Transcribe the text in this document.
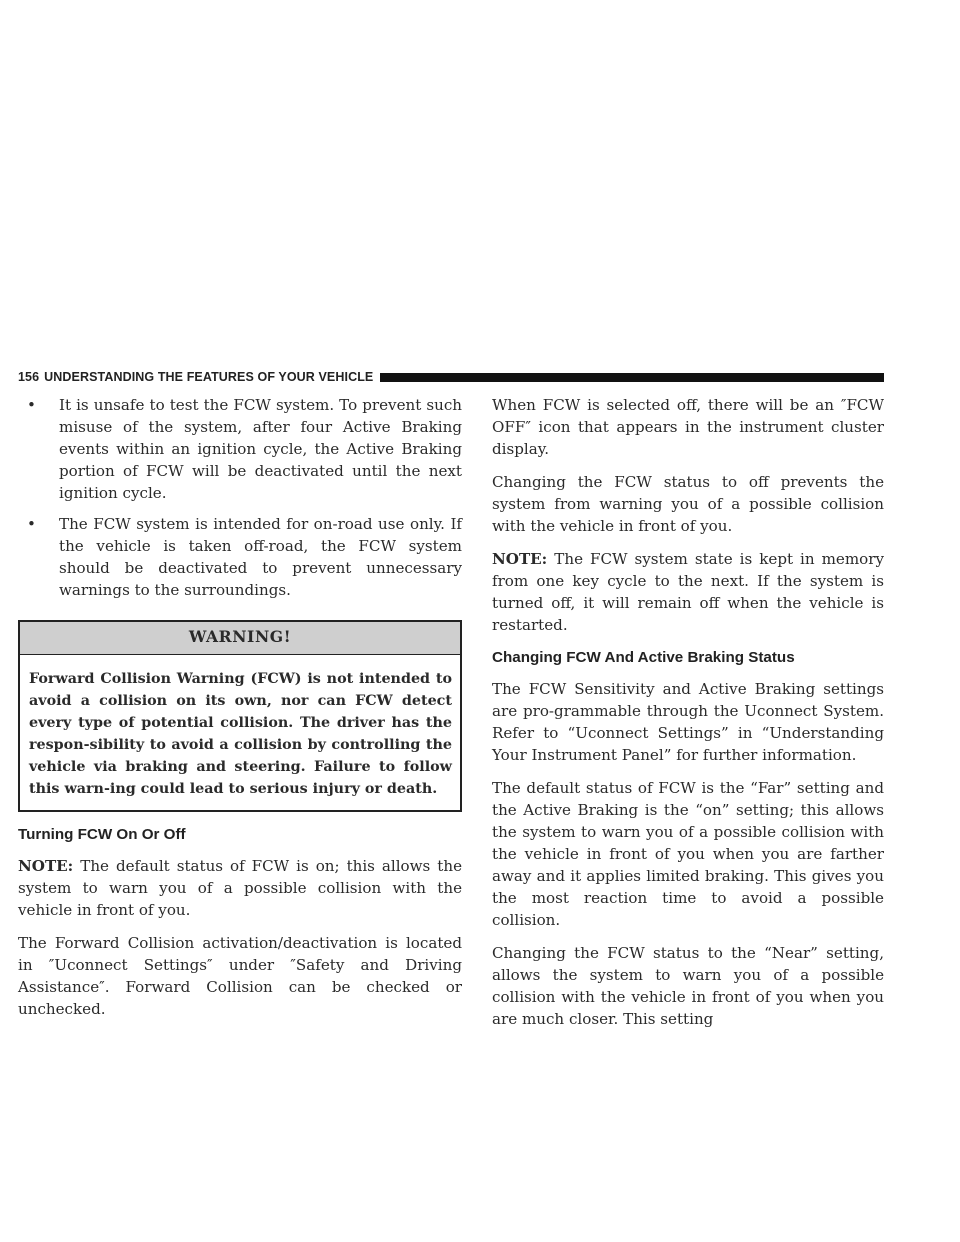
156 UNDERSTANDING THE FEATURES OF YOUR VEHICLE
• It is unsafe to test the FCW system. To prevent such misuse of the system, after four Active Braking events within an ignition cycle, the Active Braking portion of FCW will be deactivated until the next ignition cycle.
• The FCW system is intended for on-road use only. If the vehicle is taken off-road, the FCW system should be deactivated to prevent unnecessary warnings to the surroundings.
WARNING!
Forward Collision Warning (FCW) is not intended to avoid a collision on its own, nor can FCW detect every type of potential collision. The driver has the respon-sibility to avoid a collision by controlling the vehicle via braking and steering. Failure to follow this warn-ing could lead to serious injury or death.
Turning FCW On Or Off

NOTE: The default status of FCW is on; this allows the system to warn you of a possible collision with the vehicle in front of you.

The Forward Collision activation/deactivation is located in ″Uconnect Settings″ under ″Safety and Driving Assistance″. Forward Collision can be checked or unchecked.

When FCW is selected off, there will be an ″FCW OFF″ icon that appears in the instrument cluster display.

Changing the FCW status to off prevents the system from warning you of a possible collision with the vehicle in front of you.

NOTE: The FCW system state is kept in memory from one key cycle to the next. If the system is turned off, it will remain off when the vehicle is restarted.

Changing FCW And Active Braking Status

The FCW Sensitivity and Active Braking settings are pro-grammable through the Uconnect System. Refer to “Uconnect Settings” in “Understanding Your Instrument Panel” for further information.

The default status of FCW is the “Far” setting and the Active Braking is the “on” setting; this allows the system to warn you of a possible collision with the vehicle in front of you when you are farther away and it applies limited braking. This gives you the most reaction time to avoid a possible collision.

Changing the FCW status to the “Near” setting, allows the system to warn you of a possible collision with the vehicle in front of you when you are much closer. This setting
